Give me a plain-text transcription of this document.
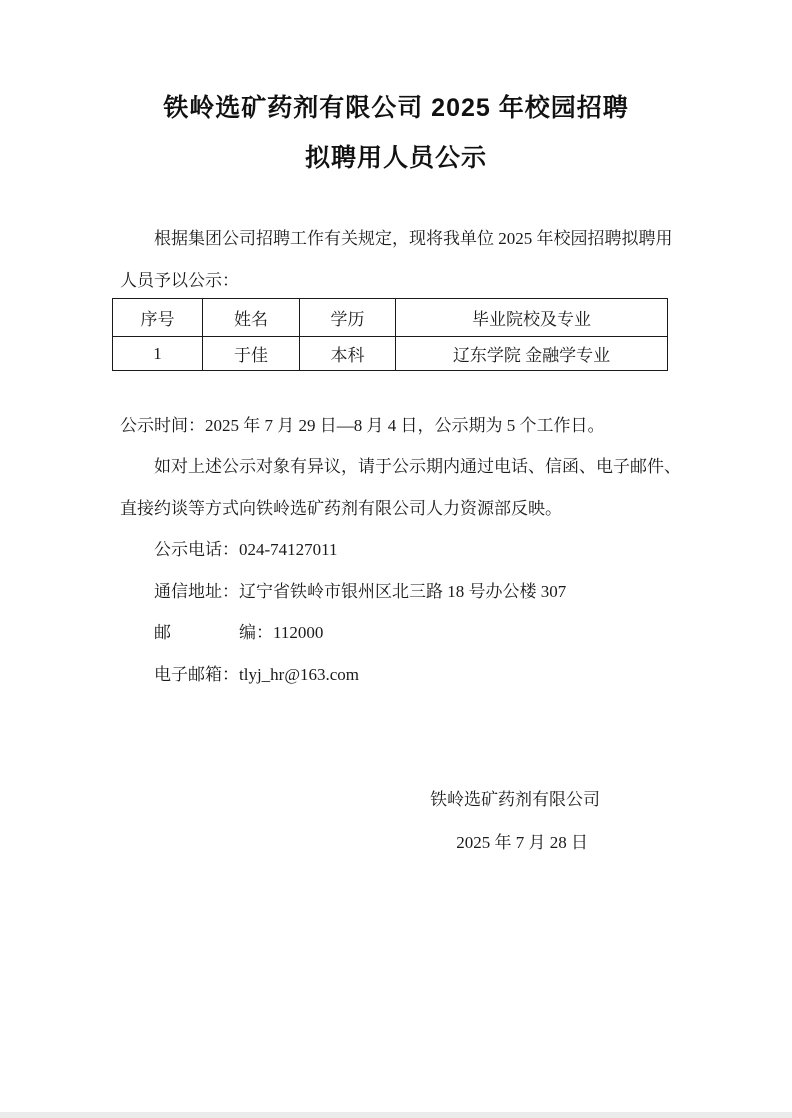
铁岭选矿药剂有限公司 2025 年校园招聘
拟聘用人员公示
根据集团公司招聘工作有关规定，现将我单位 2025 年校园招聘拟聘用
人员予以公示：
序号	姓名	学历	毕业院校及专业
1	于佳	本科	辽东学院 金融学专业
公示时间：2025 年 7 月 29 日—8 月 4 日，公示期为 5 个工作日。
如对上述公示对象有异议，请于公示期内通过电话、信函、电子邮件、
直接约谈等方式向铁岭选矿药剂有限公司人力资源部反映。
公示电话：024-74127011
通信地址：辽宁省铁岭市银州区北三路 18 号办公楼 307
邮　　　　编：112000
电子邮箱：tlyj_hr@163.com
铁岭选矿药剂有限公司
2025 年 7 月 28 日
